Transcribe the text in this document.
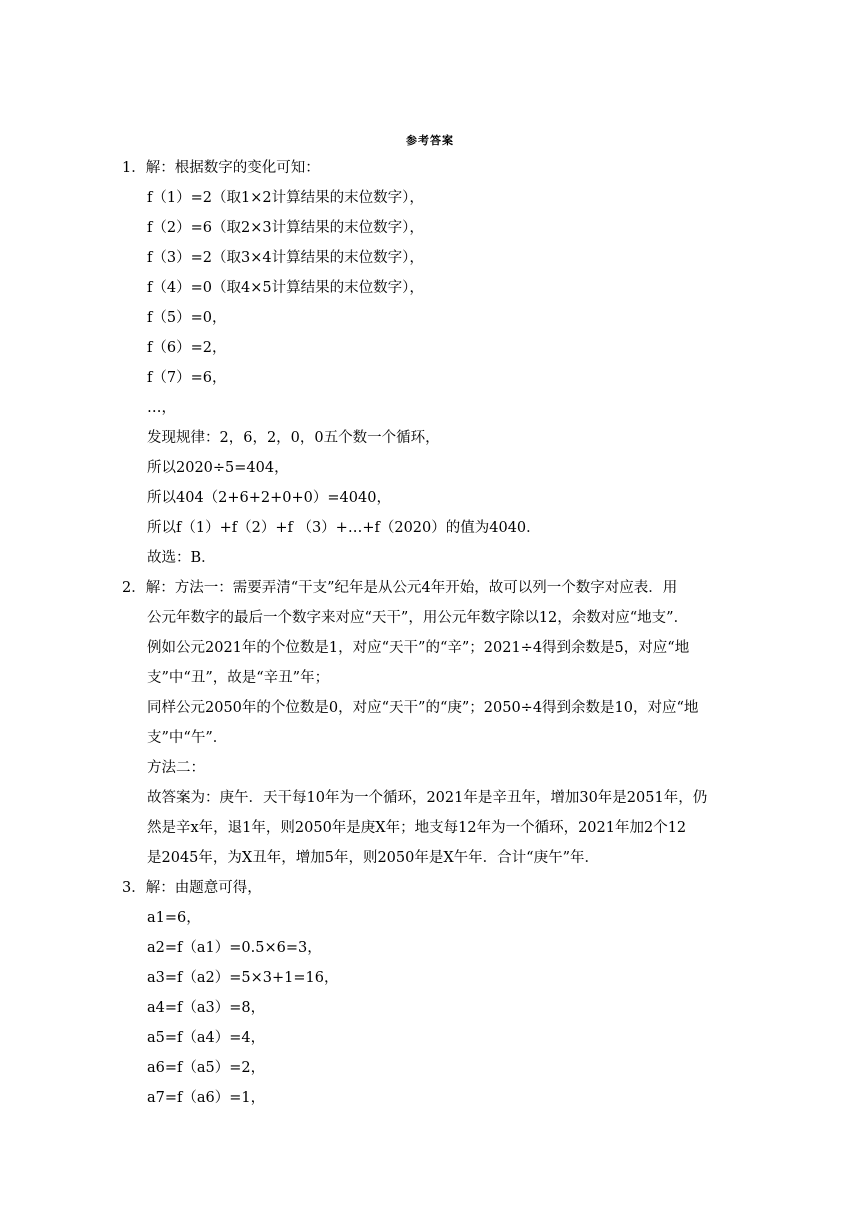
参考答案
1．解：根据数字的变化可知：
f（1）=2（取1×2计算结果的末位数字），
f（2）=6（取2×3计算结果的末位数字），
f（3）=2（取3×4计算结果的末位数字），
f（4）=0（取4×5计算结果的末位数字），
f（5）=0，
f（6）=2，
f（7）=6，
…，
发现规律：2，6，2，0，0五个数一个循环，
所以2020÷5=404，
所以404（2+6+2+0+0）=4040，
所以f（1）+f（2）+f （3）+…+f（2020）的值为4040．
故选：B．
2．解：方法一：需要弄清“干支”纪年是从公元4年开始，故可以列一个数字对应表．用
公元年数字的最后一个数字来对应“天干”，用公元年数字除以12，余数对应“地支”．
例如公元2021年的个位数是1，对应“天干”的“辛”；2021÷4得到余数是5，对应“地
支”中“丑”，故是“辛丑”年；
同样公元2050年的个位数是0，对应“天干”的“庚”；2050÷4得到余数是10，对应“地
支”中“午”．
方法二：
故答案为：庚午．天干每10年为一个循环，2021年是辛丑年，增加30年是2051年，仍
然是辛x年，退1年，则2050年是庚X年；地支每12年为一个循环，2021年加2个12
是2045年，为X丑年，增加5年，则2050年是X午年．合计“庚午”年．
3．解：由题意可得，
a1=6，
a2=f（a1）=0.5×6=3，
a3=f（a2）=5×3+1=16，
a4=f（a3）=8，
a5=f（a4）=4，
a6=f（a5）=2，
a7=f（a6）=1，
